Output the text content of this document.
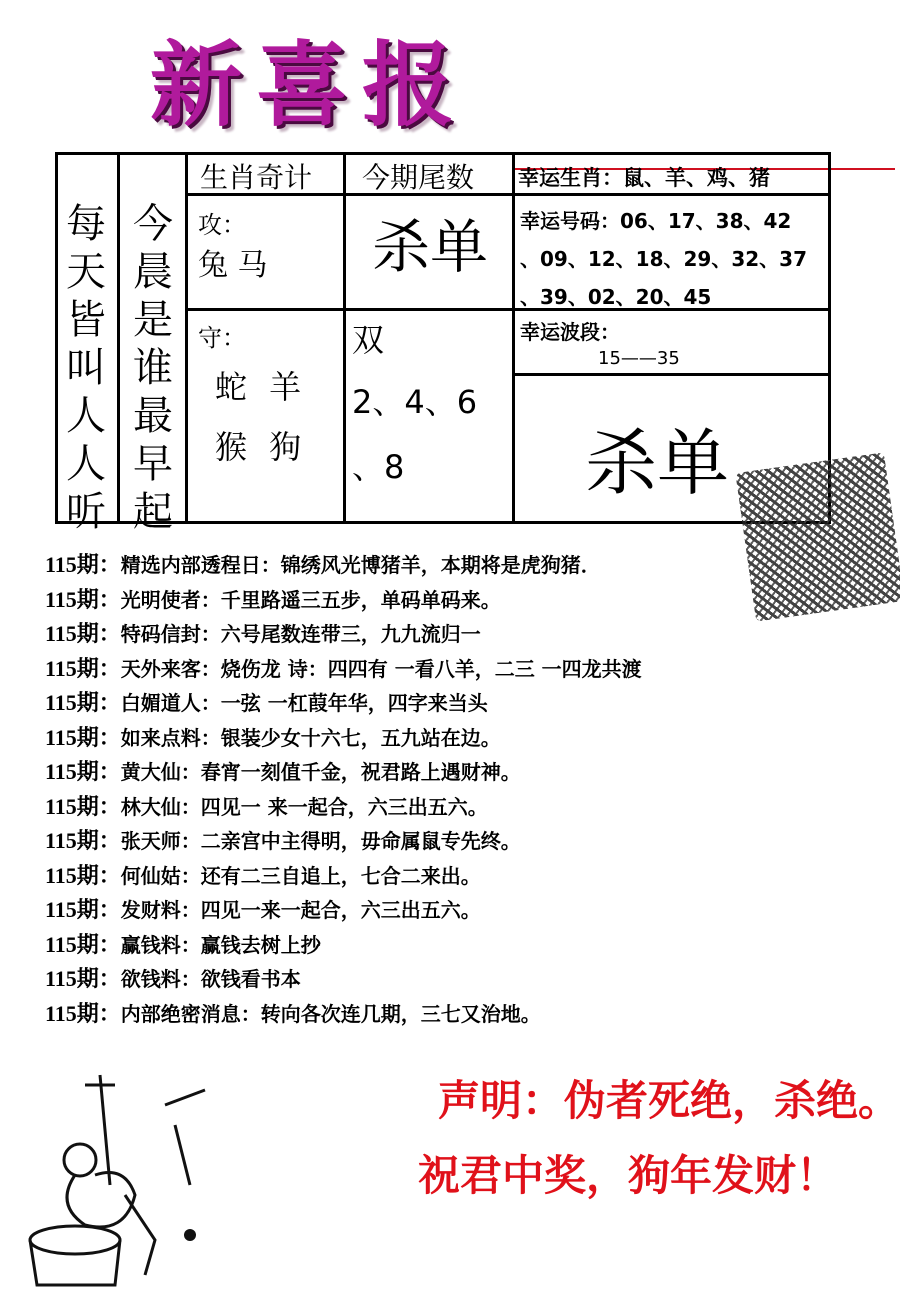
新喜报
每
天
皆
叫
人
人
听
今
晨
是
谁
最
早
起
生肖奇计 今期尾数 幸运生肖：鼠、羊、鸡、猪
攻：
兔 马
守：
蛇 羊
猴 狗
杀单
双
2、4、6
、8
幸运号码：06、17、38、42
、09、12、18、29、32、37
、39、02、20、45
幸运波段：
15——35
杀单
115期：精选内部透程日：锦绣风光博猪羊，本期将是虎狗猪．
115期：光明使者：千里路遥三五步，单码单码来。
115期：特码信封：六号尾数连带三，九九流归一
115期：天外来客：烧伤龙 诗：四四有 一看八羊，二三 一四龙共渡
115期：白媚道人：一弦 一杠葭年华，四字来当头
115期：如来点料：银装少女十六七，五九站在边。
115期：黄大仙：春宵一刻值千金，祝君路上遇财神。
115期：林大仙：四见一 来一起合，六三出五六。
115期：张天师：二亲宫中主得明，毋命属鼠专先终。
115期：何仙姑：还有二三自追上，七合二来出。
115期：发财料：四见一来一起合，六三出五六。
115期：赢钱料：赢钱去树上抄
115期：欲钱料：欲钱看书本
115期：内部绝密消息：转向各次连几期，三七又治地。
声明：伪者死绝，杀绝。
祝君中奖，狗年发财！
